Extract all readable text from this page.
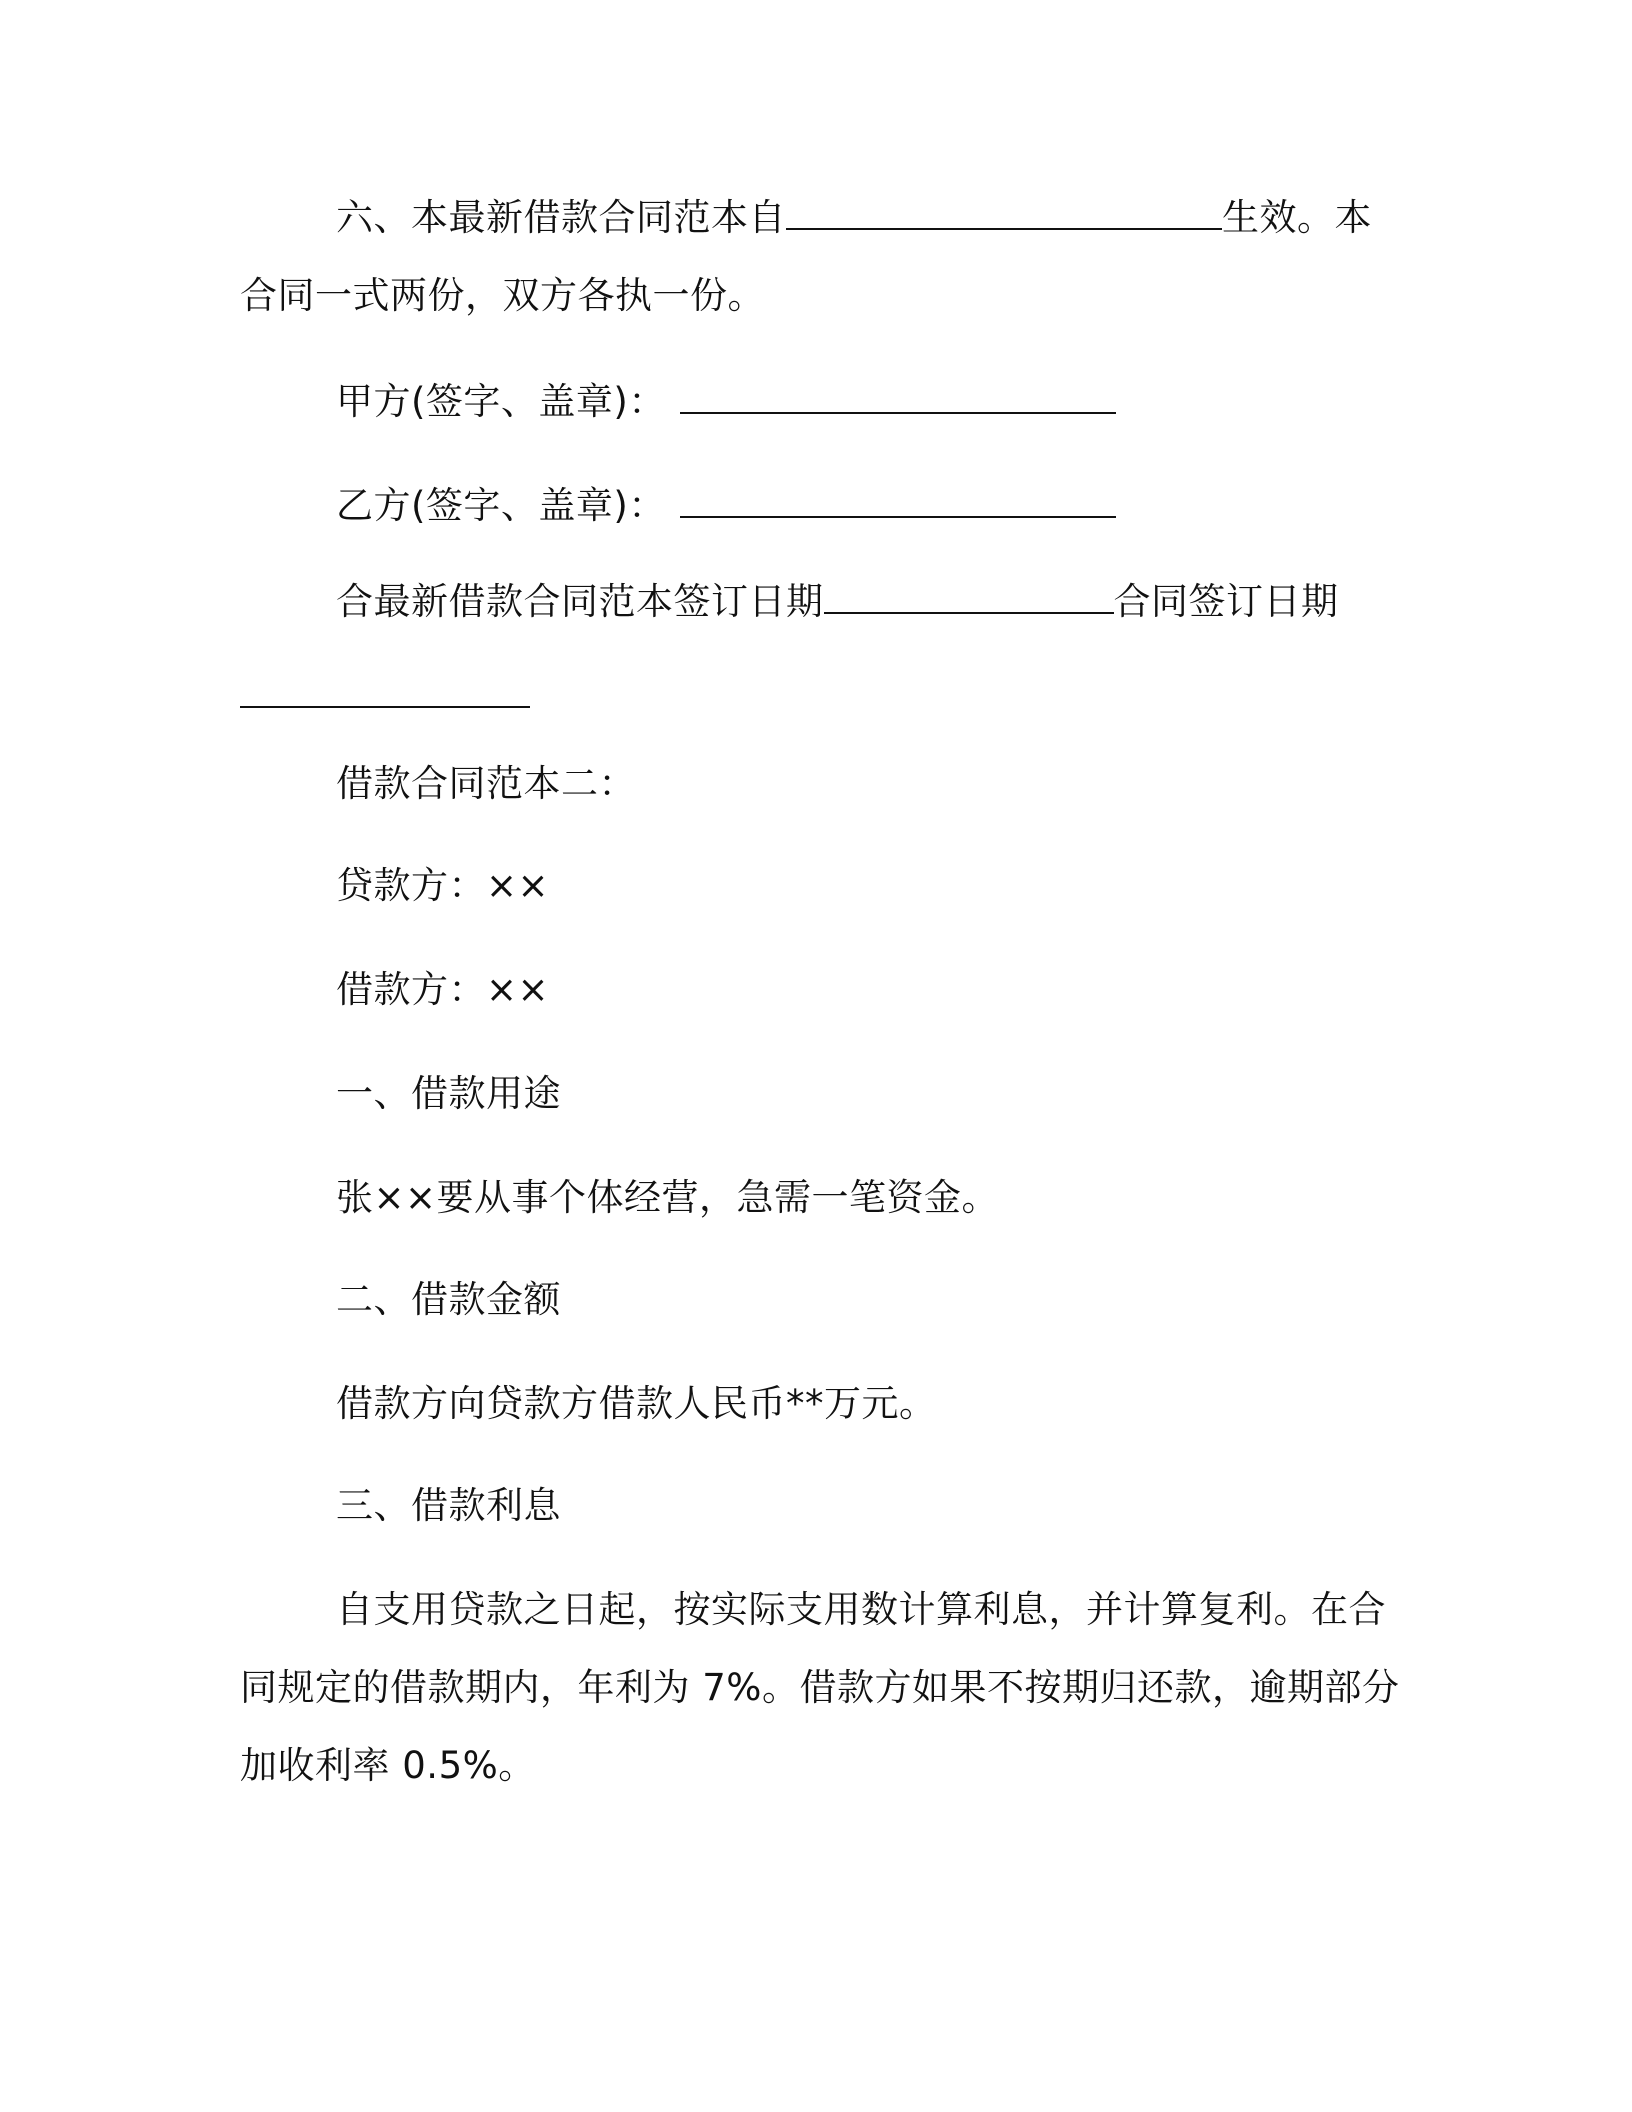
六、本最新借款合同范本自	生效。本
合同一式两份，双方各执一份。
甲方(签字、盖章)：
乙方(签字、盖章)：
合最新借款合同范本签订日期	合同签订日期
借款合同范本二：
贷款方：××
借款方：××
一、借款用途
张××要从事个体经营，急需一笔资金。
二、借款金额
借款方向贷款方借款人民币**万元。
三、借款利息
自支用贷款之日起，按实际支用数计算利息，并计算复利。在合
同规定的借款期内，年利为 7%。借款方如果不按期归还款，逾期部分
加收利率 0.5%。
